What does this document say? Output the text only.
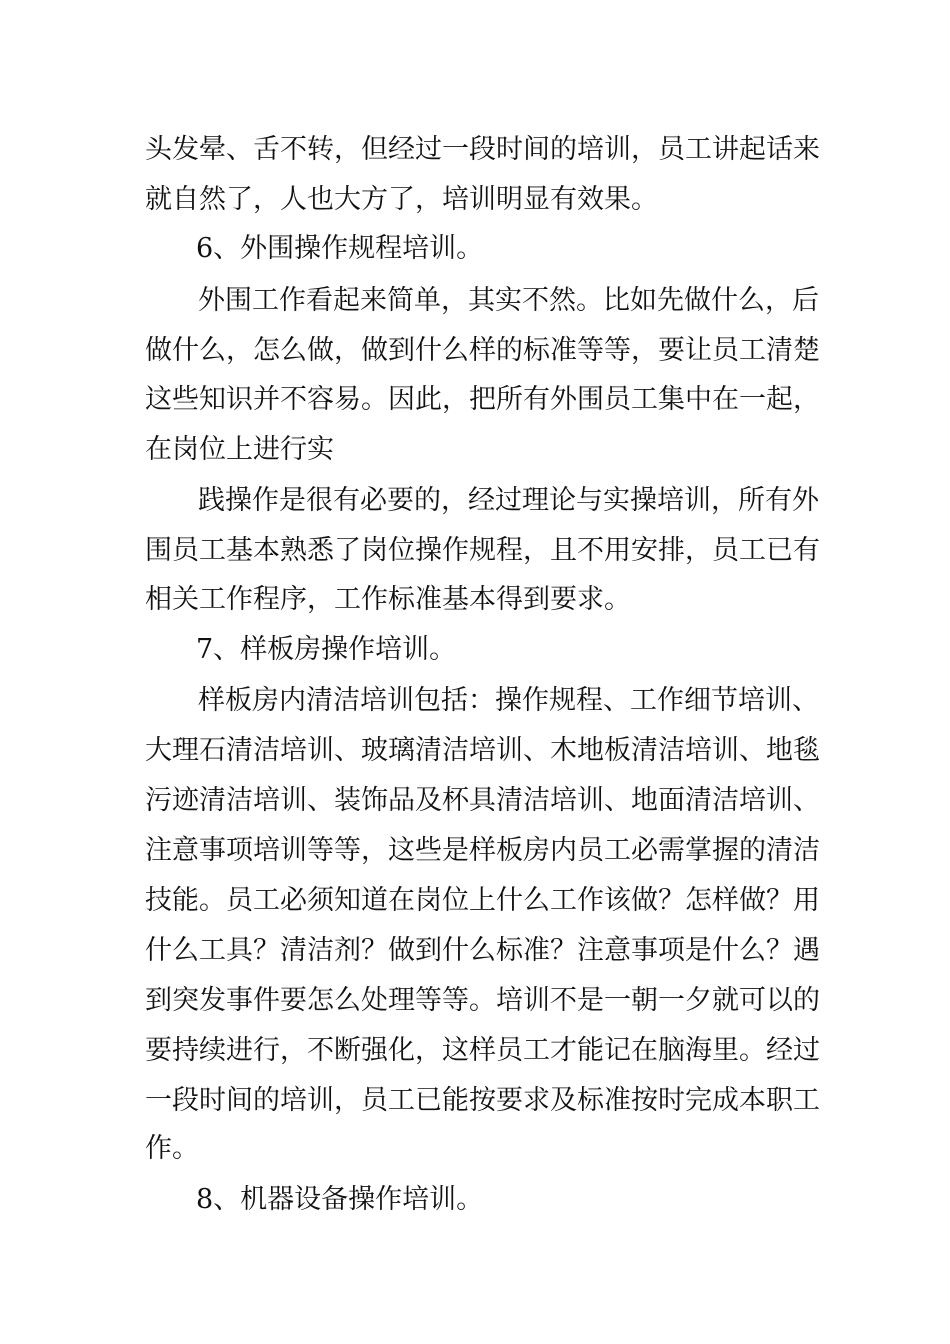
头发晕、舌不转，但经过一段时间的培训，员工讲起话来
就自然了，人也大方了，培训明显有效果。
6、外围操作规程培训。
外围工作看起来简单，其实不然。比如先做什么，后
做什么，怎么做，做到什么样的标准等等，要让员工清楚
这些知识并不容易。因此，把所有外围员工集中在一起，
在岗位上进行实
践操作是很有必要的，经过理论与实操培训，所有外
围员工基本熟悉了岗位操作规程，且不用安排，员工已有
相关工作程序，工作标准基本得到要求。
7、样板房操作培训。
样板房内清洁培训包括：操作规程、工作细节培训、
大理石清洁培训、玻璃清洁培训、木地板清洁培训、地毯
污迹清洁培训、装饰品及杯具清洁培训、地面清洁培训、
注意事项培训等等，这些是样板房内员工必需掌握的清洁
技能。员工必须知道在岗位上什么工作该做？怎样做？用
什么工具？清洁剂？做到什么标准？注意事项是什么？遇
到突发事件要怎么处理等等。培训不是一朝一夕就可以的
要持续进行，不断强化，这样员工才能记在脑海里。经过
一段时间的培训，员工已能按要求及标准按时完成本职工
作。
8、机器设备操作培训。
